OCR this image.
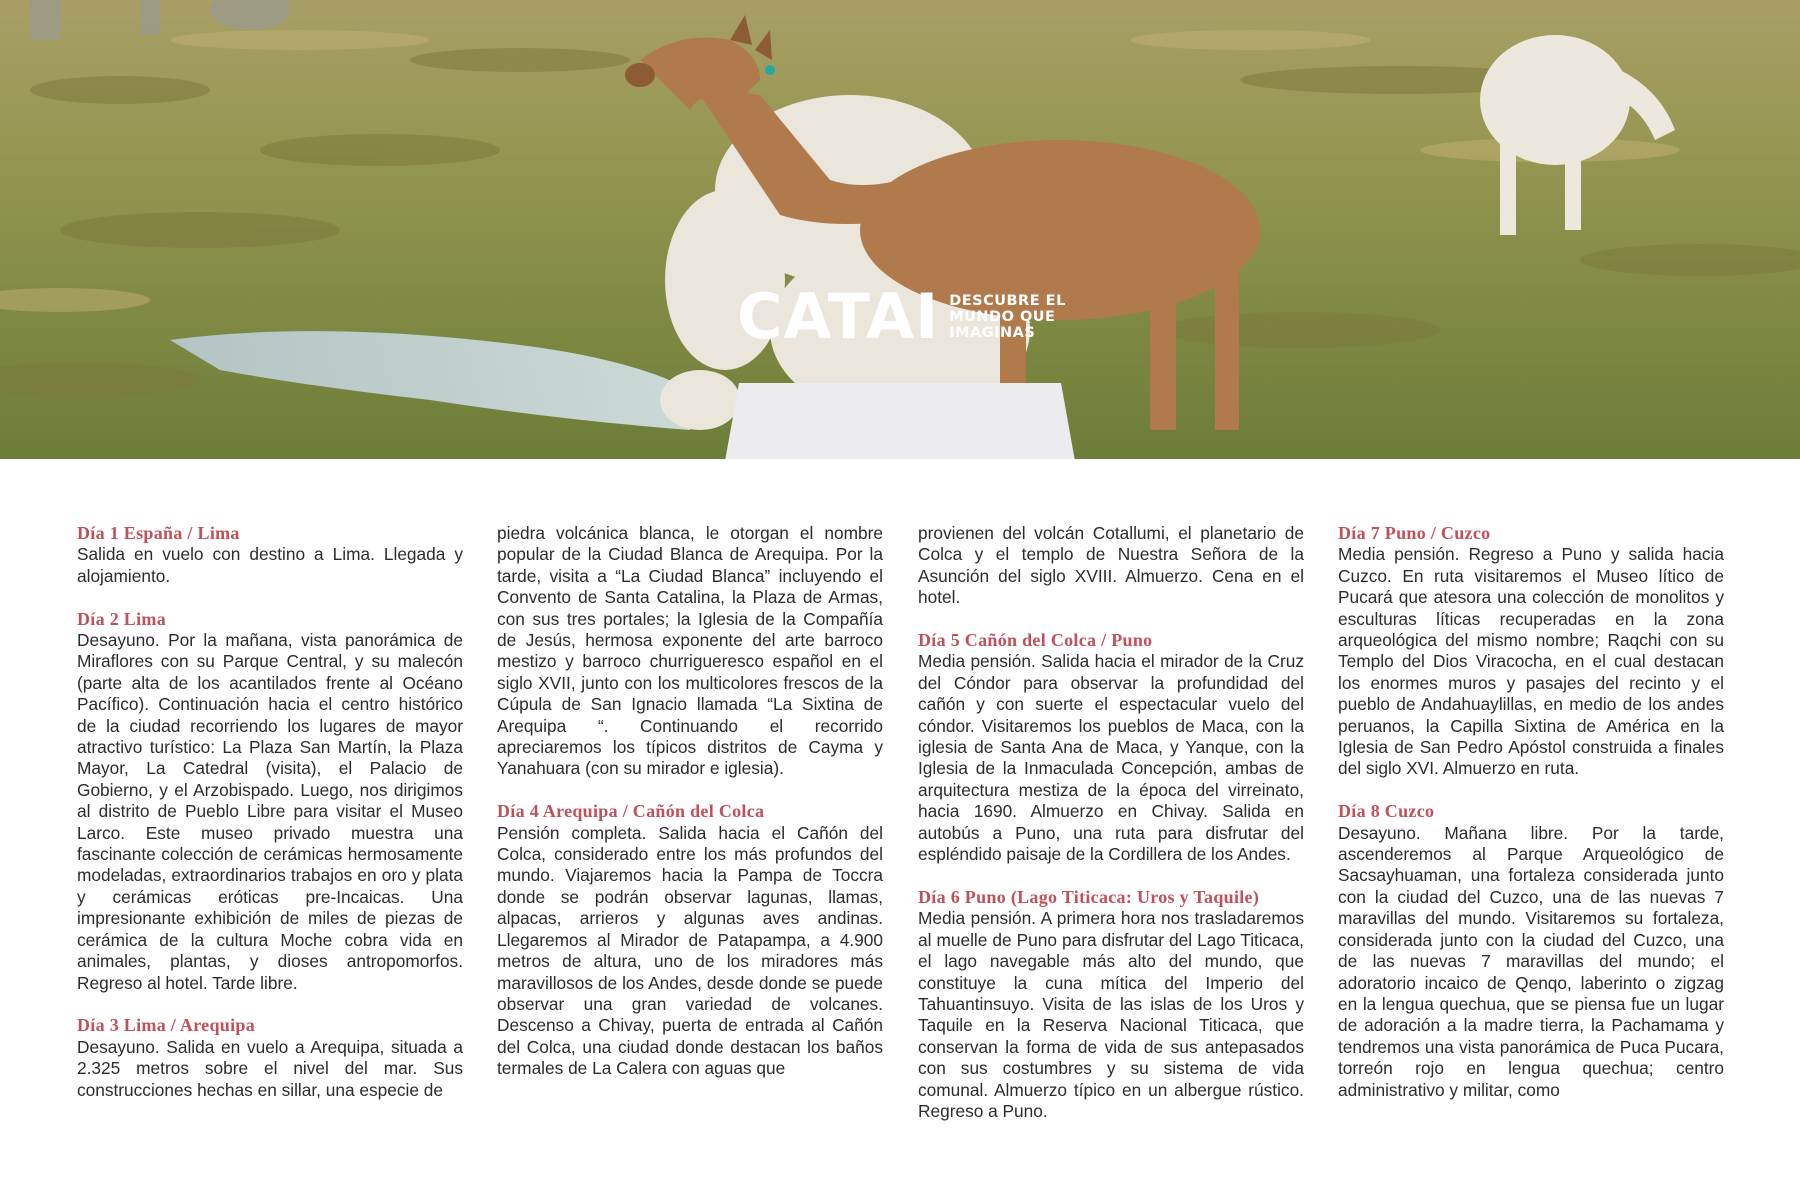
CATAI DESCUBRE EL
MUNDO QUE
IMAGINAS
Día 1 España / Lima
Salida en vuelo con destino a Lima. Llegada y alojamiento.
Día 2 Lima
Desayuno. Por la mañana, vista panorámica de Miraflores con su Parque Central, y su malecón (parte alta de los acantilados frente al Océano Pacífico). Continuación hacia el centro histórico de la ciudad recorriendo los lugares de mayor atractivo turístico: La Plaza San Martín, la Plaza Mayor, La Catedral (visita), el Palacio de Gobierno, y el Arzobispado. Luego, nos dirigimos al distrito de Pueblo Libre para visitar el Museo Larco. Este museo privado muestra una fascinante colección de cerámicas hermosamente modeladas, extraordinarios trabajos en oro y plata y cerámicas eróticas pre-Incaicas. Una impresionante exhibición de miles de piezas de cerámica de la cultura Moche cobra vida en animales, plantas, y dioses antropomorfos. Regreso al hotel. Tarde libre.
Día 3 Lima / Arequipa
Desayuno. Salida en vuelo a Arequipa, situada a 2.325 metros sobre el nivel del mar. Sus construcciones hechas en sillar, una especie de
piedra volcánica blanca, le otorgan el nombre popular de la Ciudad Blanca de Arequipa. Por la tarde, visita a “La Ciudad Blanca” incluyendo el Convento de Santa Catalina, la Plaza de Armas, con sus tres portales; la Iglesia de la Compañía de Jesús, hermosa exponente del arte barroco mestizo y barroco churrigueresco español en el siglo XVII, junto con los multicolores frescos de la Cúpula de San Ignacio llamada “La Sixtina de Arequipa “. Continuando el recorrido apreciaremos los típicos distritos de Cayma y Yanahuara (con su mirador e iglesia).
Día 4 Arequipa / Cañón del Colca
Pensión completa. Salida hacia el Cañón del Colca, considerado entre los más profundos del mundo. Viajaremos hacia la Pampa de Toccra donde se podrán observar lagunas, llamas, alpacas, arrieros y algunas aves andinas. Llegaremos al Mirador de Patapampa, a 4.900 metros de altura, uno de los miradores más maravillosos de los Andes, desde donde se puede observar una gran variedad de volcanes. Descenso a Chivay, puerta de entrada al Cañón del Colca, una ciudad donde destacan los baños termales de La Calera con aguas que
provienen del volcán Cotallumi, el planetario de Colca y el templo de Nuestra Señora de la Asunción del siglo XVIII. Almuerzo. Cena en el hotel.
Día 5 Cañón del Colca / Puno
Media pensión. Salida hacia el mirador de la Cruz del Cóndor para observar la profundidad del cañón y con suerte el espectacular vuelo del cóndor. Visitaremos los pueblos de Maca, con la iglesia de Santa Ana de Maca, y Yanque, con la Iglesia de la Inmaculada Concepción, ambas de arquitectura mestiza de la época del virreinato, hacia 1690. Almuerzo en Chivay. Salida en autobús a Puno, una ruta para disfrutar del espléndido paisaje de la Cordillera de los Andes.
Día 6 Puno (Lago Titicaca: Uros y Taquile)
Media pensión. A primera hora nos trasladaremos al muelle de Puno para disfrutar del Lago Titicaca, el lago navegable más alto del mundo, que constituye la cuna mítica del Imperio del Tahuantinsuyo. Visita de las islas de los Uros y Taquile en la Reserva Nacional Titicaca, que conservan la forma de vida de sus antepasados con sus costumbres y su sistema de vida comunal. Almuerzo típico en un albergue rústico. Regreso a Puno.
Día 7 Puno / Cuzco
Media pensión. Regreso a Puno y salida hacia Cuzco. En ruta visitaremos el Museo lítico de Pucará que atesora una colección de monolitos y esculturas líticas recuperadas en la zona arqueológica del mismo nombre; Raqchi con su Templo del Dios Viracocha, en el cual destacan los enormes muros y pasajes del recinto y el pueblo de Andahuaylillas, en medio de los andes peruanos, la Capilla Sixtina de América en la Iglesia de San Pedro Apóstol construida a finales del siglo XVI. Almuerzo en ruta.
Día 8 Cuzco
Desayuno. Mañana libre. Por la tarde, ascenderemos al Parque Arqueológico de Sacsayhuaman, una fortaleza considerada junto con la ciudad del Cuzco, una de las nuevas 7 maravillas del mundo. Visitaremos su fortaleza, considerada junto con la ciudad del Cuzco, una de las nuevas 7 maravillas del mundo; el adoratorio incaico de Qenqo, laberinto o zigzag en la lengua quechua, que se piensa fue un lugar de adoración a la madre tierra, la Pachamama y tendremos una vista panorámica de Puca Pucara, torreón rojo en lengua quechua; centro administrativo y militar, como
